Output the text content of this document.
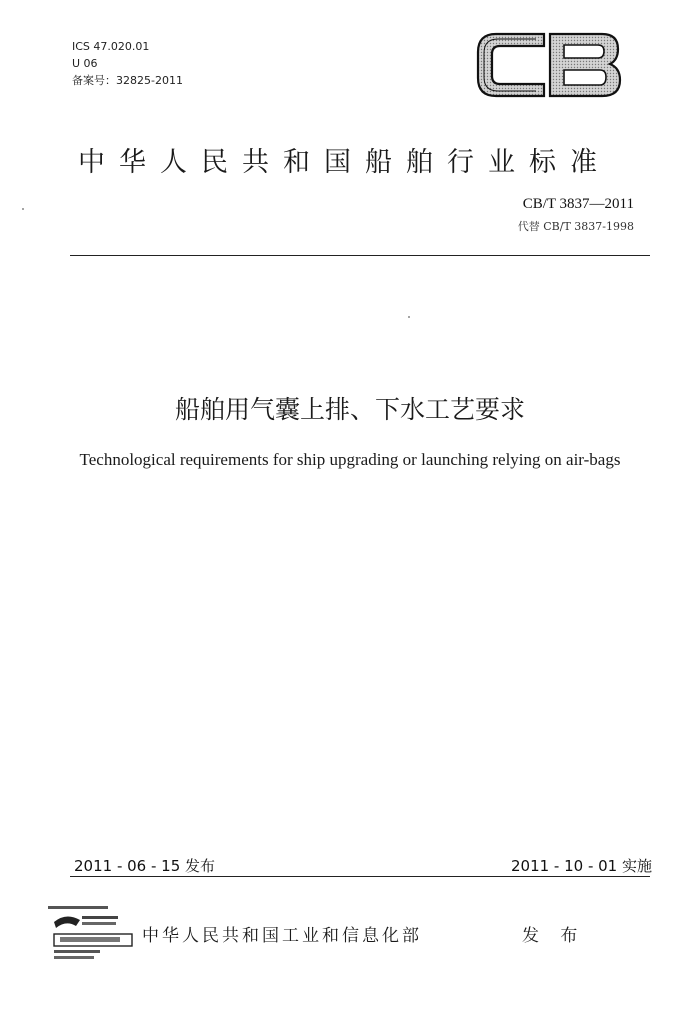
ICS 47.020.01
U 06
备案号：32825-2011
中华人民共和国船舶行业标准
CB/T 3837—2011
代替 CB/T 3837-1998
船舶用气囊上排、下水工艺要求
Technological requirements for ship upgrading or launching relying on air-bags
2011 - 06 - 15 发布	2011 - 10 - 01 实施
中华人民共和国工业和信息化部	发 布
